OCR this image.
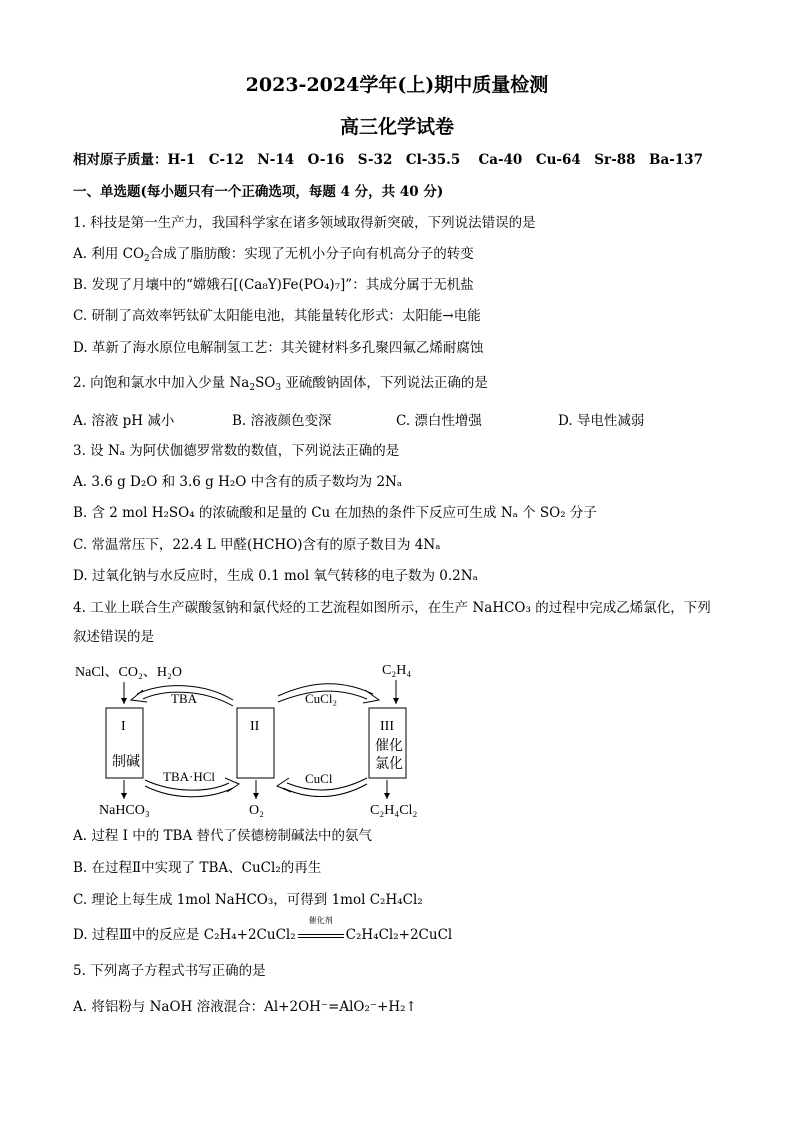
2023-2024学年(上)期中质量检测
高三化学试卷
相对原子质量：H-1　C-12　N-14　O-16　S-32　Cl-35.5　 Ca-40　Cu-64　Sr-88　Ba-137
一、单选题(每小题只有一个正确选项，每题 4 分，共 40 分)
1. 科技是第一生产力，我国科学家在诸多领域取得新突破，下列说法错误的是
A. 利用 $CO_2$合成了脂肪酸：实现了无机小分子向有机高分子的转变
B. 发现了月壤中的“嫦娥石[(Ca₈Y)Fe(PO₄)₇]”：其成分属于无机盐
C. 研制了高效率钙钛矿太阳能电池，其能量转化形式：太阳能→电能
D. 革新了海水原位电解制氢工艺：其关键材料多孔聚四氟乙烯耐腐蚀
2. 向饱和氯水中加入少量 $Na_2SO_3$ 亚硫酸钠固体，下列说法正确的是
A. 溶液 pH 减小	B. 溶液颜色变深	C. 漂白性增强	D. 导电性减弱
3. 设 Nₐ 为阿伏伽德罗常数的数值，下列说法正确的是
A. 3.6 g D₂O 和 3.6 g H₂O 中含有的质子数均为 2Nₐ
B. 含 2 mol H₂SO₄ 的浓硫酸和足量的 Cu 在加热的条件下反应可生成 Nₐ 个 SO₂ 分子
C. 常温常压下，22.4 L 甲醛(HCHO)含有的原子数目为 4Nₐ
D. 过氧化钠与水反应时，生成 0.1 mol 氧气转移的电子数为 0.2Nₐ
4. 工业上联合生产碳酸氢钠和氯代烃的工艺流程如图所示，在生产 NaHCO₃ 的过程中完成乙烯氯化，下列
叙述错误的是
NaCl、CO₂、H₂O	C₂H₄
I
制碱
II	III
催化
氯化
TBA	CuCl₂
TBA·HCl	CuCl
NaHCO₃	O₂	C₂H₄Cl₂
A. 过程 I 中的 TBA 替代了侯德榜制碱法中的氨气
B. 在过程Ⅱ中实现了 TBA、CuCl₂的再生
C. 理论上每生成 1mol NaHCO₃，可得到 1mol C₂H₄Cl₂
D. 过程Ⅲ中的反应是 C₂H₄+2CuCl₂
催化剂
C₂H₄Cl₂+2CuCl
5. 下列离子方程式书写正确的是
A. 将铝粉与 NaOH 溶液混合：Al+2OH⁻=AlO₂⁻+H₂↑
